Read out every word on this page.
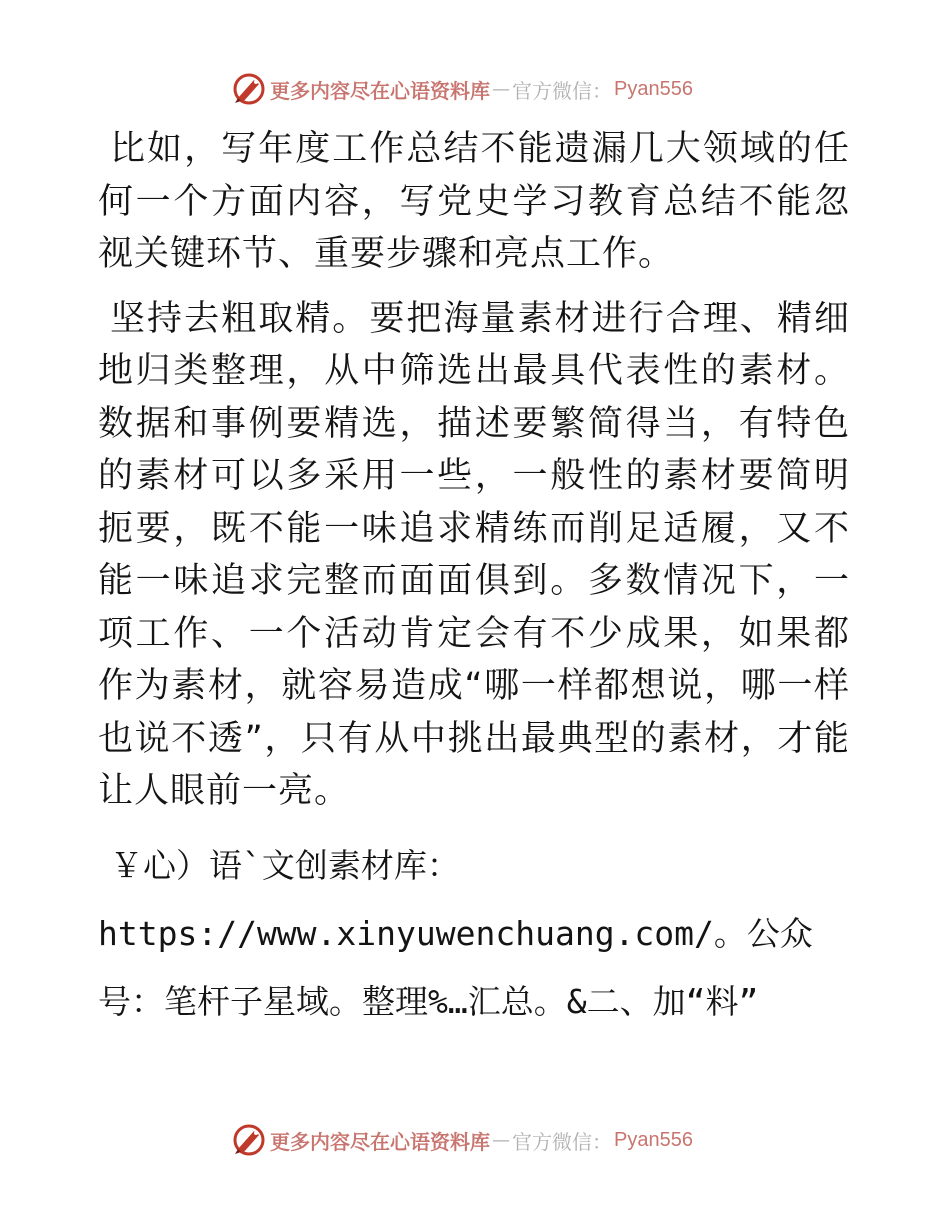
更多内容尽在心语资料库 — 官方微信： Pyan556

比如，写年度工作总结不能遗漏几大领域的任何一个方面内容，写党史学习教育总结不能忽视关键环节、重要步骤和亮点工作。

坚持去粗取精。要把海量素材进行合理、精细地归类整理，从中筛选出最具代表性的素材。数据和事例要精选，描述要繁简得当，有特色的素材可以多采用一些，一般性的素材要简明扼要，既不能一味追求精练而削足适履，又不能一味追求完整而面面俱到。多数情况下，一项工作、一个活动肯定会有不少成果，如果都作为素材，就容易造成“哪一样都想说，哪一样也说不透”，只有从中挑出最典型的素材，才能让人眼前一亮。

￥心）语`文创素材库：https://www.xinyuwenchuang.com/。公众号：笔杆子星域。整理%…汇总。&二、加“料”

更多内容尽在心语资料库 — 官方微信： Pyan556
